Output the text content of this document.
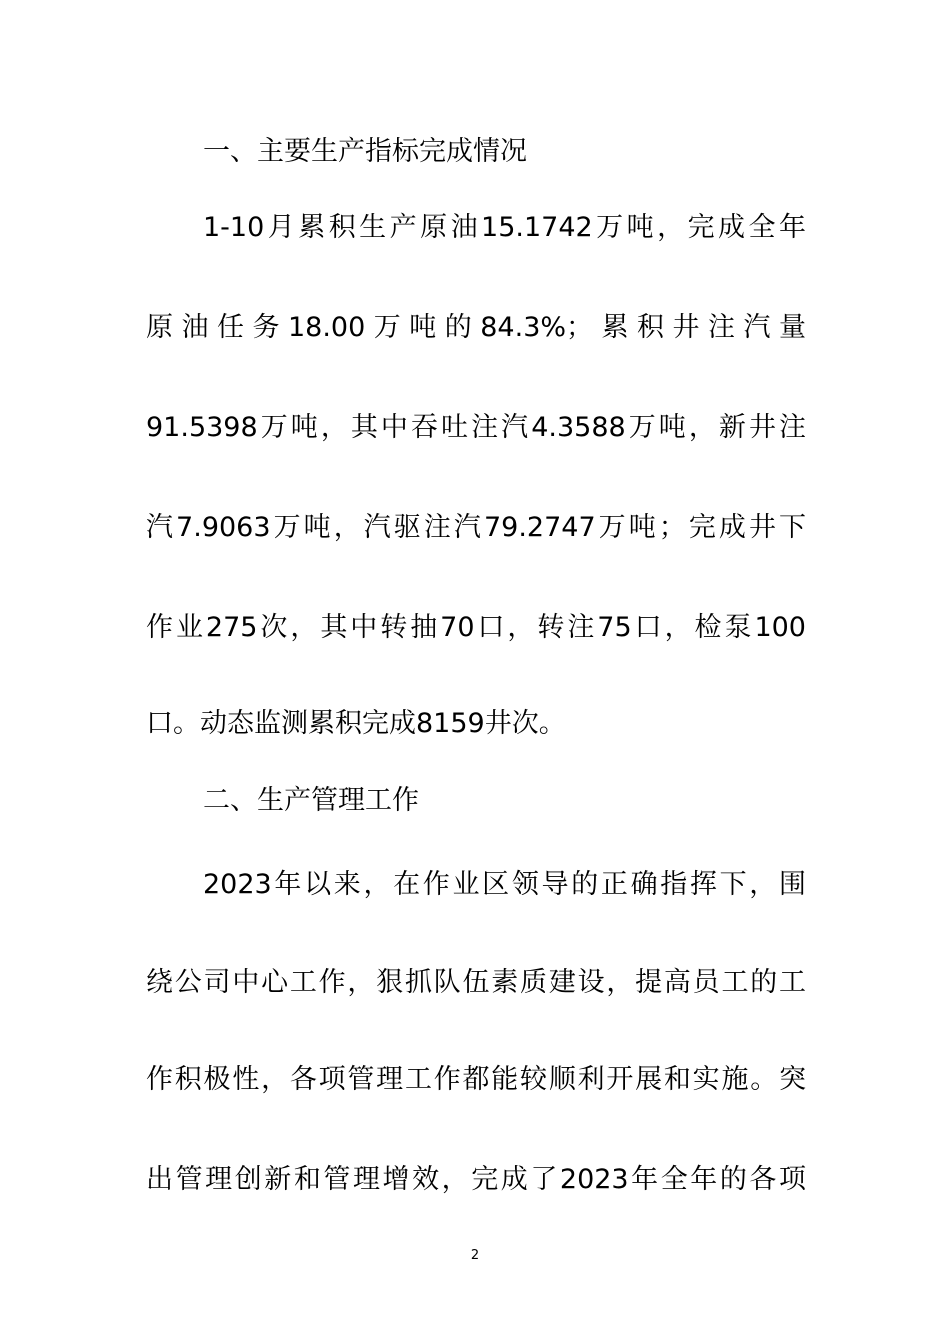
一、主要生产指标完成情况
1-10月累积生产原油15.1742万吨，完成全年
原油任务18.00万吨的84.3%；累积井注汽量
91.5398万吨，其中吞吐注汽4.3588万吨，新井注
汽7.9063万吨，汽驱注汽79.2747万吨；完成井下
作业275次，其中转抽70口，转注75口，检泵100
口。动态监测累积完成8159井次。
二、生产管理工作
2023年以来，在作业区领导的正确指挥下，围
绕公司中心工作，狠抓队伍素质建设，提高员工的工
作积极性，各项管理工作都能较顺利开展和实施。突
出管理创新和管理增效，完成了2023年全年的各项
2
